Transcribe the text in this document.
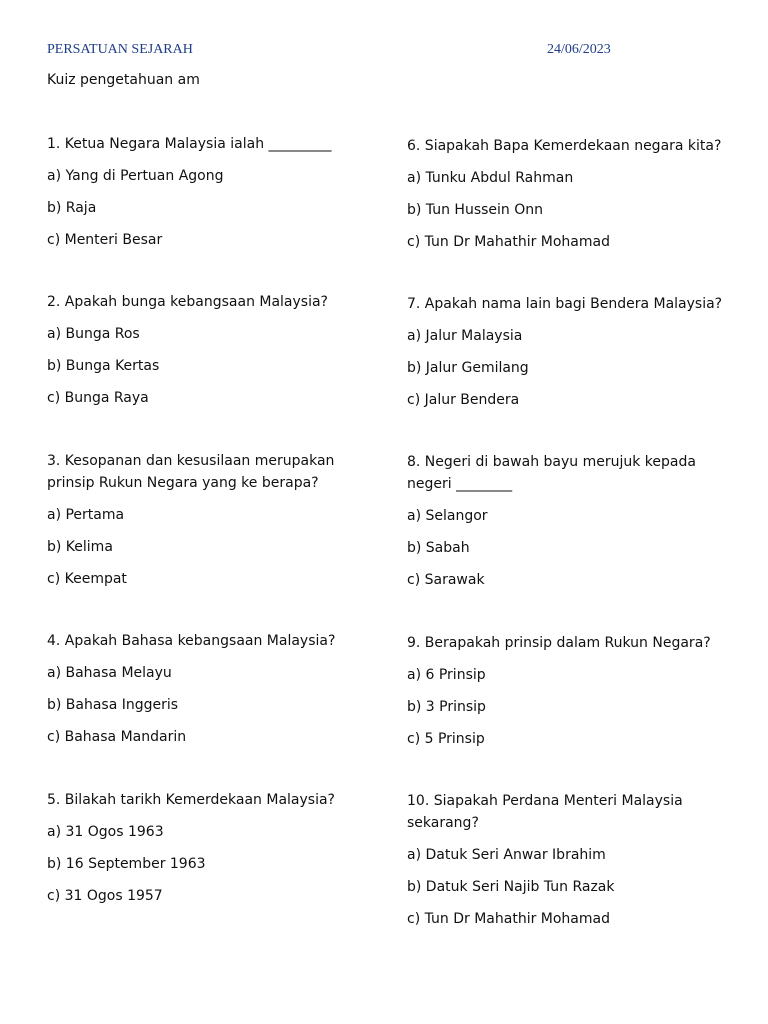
PERSATUAN SEJARAH	24/06/2023
Kuiz pengetahuan am
1. Ketua Negara Malaysia ialah _________
a) Yang di Pertuan Agong
b) Raja
c) Menteri Besar
2. Apakah bunga kebangsaan Malaysia?
a) Bunga Ros
b) Bunga Kertas
c) Bunga Raya
3. Kesopanan dan kesusilaan merupakan prinsip Rukun Negara yang ke berapa?
a) Pertama
b) Kelima
c) Keempat
4. Apakah Bahasa kebangsaan Malaysia?
a) Bahasa Melayu
b) Bahasa Inggeris
c) Bahasa Mandarin
5. Bilakah tarikh Kemerdekaan Malaysia?
a) 31 Ogos 1963
b) 16 September 1963
c) 31 Ogos 1957
6. Siapakah Bapa Kemerdekaan negara kita?
a) Tunku Abdul Rahman
b) Tun Hussein Onn
c) Tun Dr Mahathir Mohamad
7. Apakah nama lain bagi Bendera Malaysia?
a) Jalur Malaysia
b) Jalur Gemilang
c) Jalur Bendera
8. Negeri di bawah bayu merujuk kepada negeri ________
a) Selangor
b) Sabah
c) Sarawak
9. Berapakah prinsip dalam Rukun Negara?
a) 6 Prinsip
b) 3 Prinsip
c) 5 Prinsip
10. Siapakah Perdana Menteri Malaysia sekarang?
a) Datuk Seri Anwar Ibrahim
b) Datuk Seri Najib Tun Razak
c) Tun Dr Mahathir Mohamad
